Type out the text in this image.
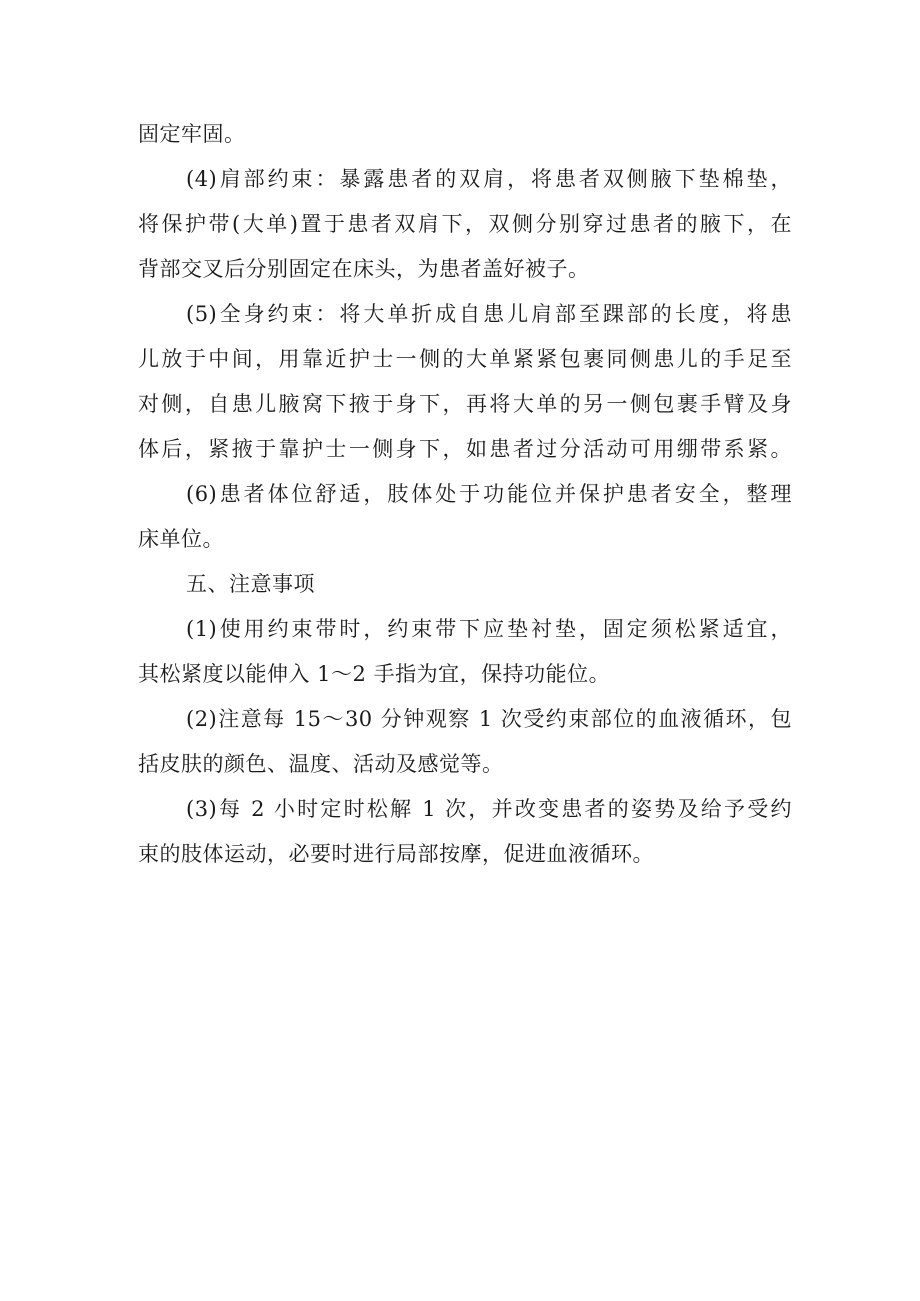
固定牢固。
(4)肩部约束：暴露患者的双肩，将患者双侧腋下垫棉垫，
将保护带(大单)置于患者双肩下，双侧分别穿过患者的腋下，在
背部交叉后分别固定在床头，为患者盖好被子。
(5)全身约束：将大单折成自患儿肩部至踝部的长度，将患
儿放于中间，用靠近护士一侧的大单紧紧包裹同侧患儿的手足至
对侧，自患儿腋窝下掖于身下，再将大单的另一侧包裹手臂及身
体后，紧掖于靠护士一侧身下，如患者过分活动可用绷带系紧。
(6)患者体位舒适，肢体处于功能位并保护患者安全，整理
床单位。
五、注意事项
(1)使用约束带时，约束带下应垫衬垫，固定须松紧适宜，
其松紧度以能伸入 1～2 手指为宜，保持功能位。
(2)注意每 15～30 分钟观察 1 次受约束部位的血液循环，包
括皮肤的颜色、温度、活动及感觉等。
(3)每 2 小时定时松解 1 次，并改变患者的姿势及给予受约
束的肢体运动，必要时进行局部按摩，促进血液循环。
